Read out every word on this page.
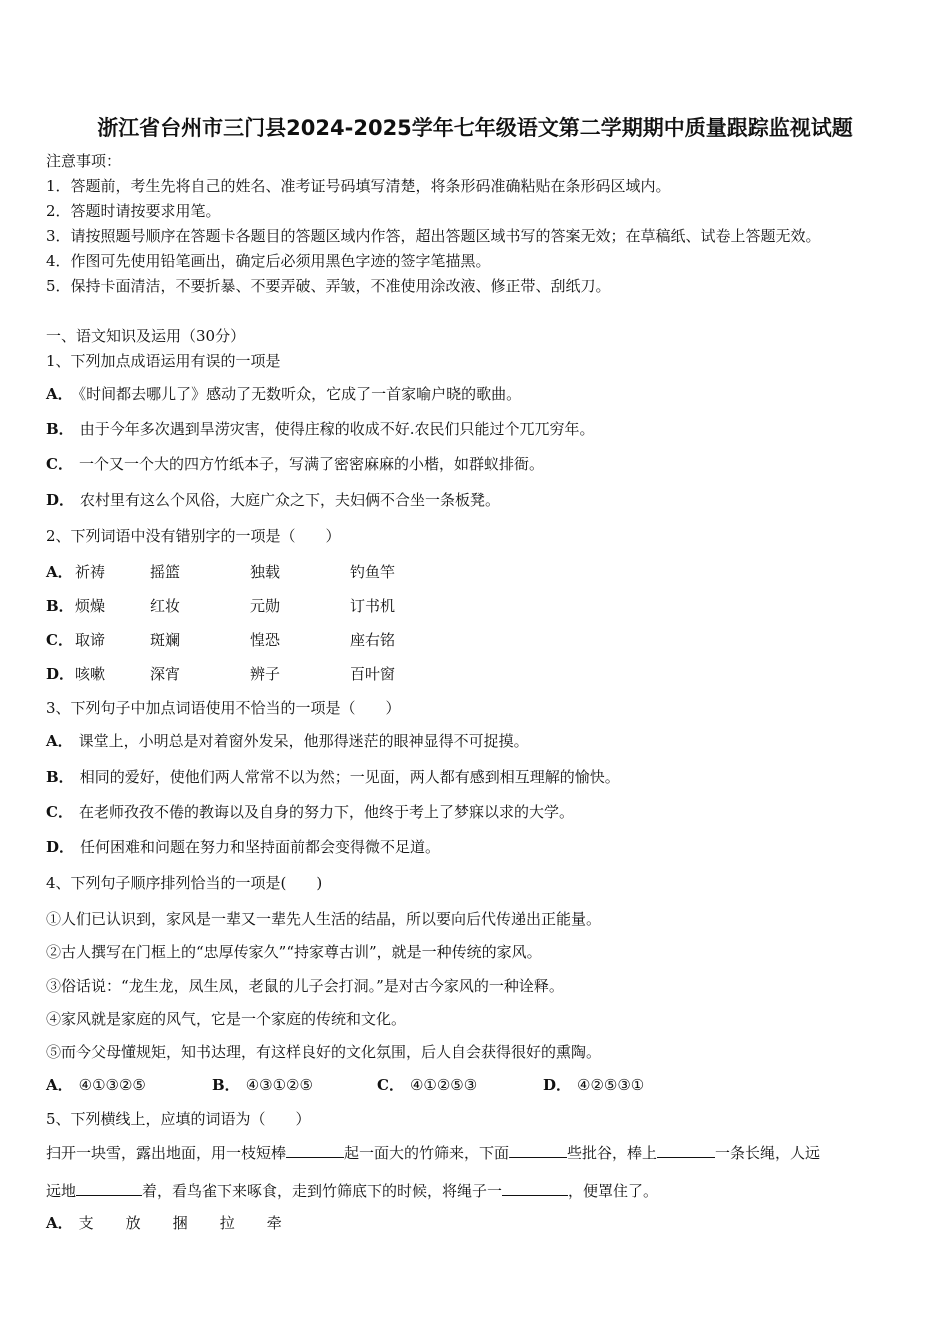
浙江省台州市三门县2024-2025学年七年级语文第二学期期中质量跟踪监视试题
注意事项：
1．答题前，考生先将自己的姓名、准考证号码填写清楚，将条形码准确粘贴在条形码区域内。
2．答题时请按要求用笔。
3．请按照题号顺序在答题卡各题目的答题区域内作答，超出答题区域书写的答案无效；在草稿纸、试卷上答题无效。
4．作图可先使用铅笔画出，确定后必须用黑色字迹的签字笔描黑。
5．保持卡面清洁，不要折暴、不要弄破、弄皱，不准使用涂改液、修正带、刮纸刀。
一、语文知识及运用（30分）
1、下列加点成语运用有误的一项是
A． 《时间都去哪儿了》感动了无数听众，它成了一首家喻户晓的歌曲。
B． 由于今年多次遇到旱涝灾害，使得庄稼的收成不好.农民们只能过个兀兀穷年。
C． 一个又一个大的四方竹纸本子，写满了密密麻麻的小楷，如群蚁排衙。
D． 农村里有这么个风俗，大庭广众之下，夫妇俩不合坐一条板凳。
2、下列词语中没有错别字的一项是（　　）
A． 祈祷	摇篮	独载	钓鱼竿
B． 烦燥	红妆	元勋	订书机
C． 取谛	斑斓	惶恐	座右铭
D． 咳嗽	深宵	辨子	百叶窗
3、下列句子中加点词语使用不恰当的一项是（　　）
A． 课堂上，小明总是对着窗外发呆，他那得迷茫的眼神显得不可捉摸。
B． 相同的爱好，使他们两人常常不以为然；一见面，两人都有感到相互理解的愉快。
C． 在老师孜孜不倦的教诲以及自身的努力下，他终于考上了梦寐以求的大学。
D． 任何困难和问题在努力和坚持面前都会变得微不足道。
4、下列句子顺序排列恰当的一项是(　　)
①人们已认识到，家风是一辈又一辈先人生活的结晶，所以要向后代传递出正能量。
②古人撰写在门框上的“忠厚传家久”“持家尊古训”，就是一种传统的家风。
③俗话说：“龙生龙，凤生凤，老鼠的儿子会打洞。”是对古今家风的一种诠释。
④家风就是家庭的风气，它是一个家庭的传统和文化。
⑤而今父母懂规矩，知书达理，有这样良好的文化氛围，后人自会获得很好的熏陶。
A． ④①③②⑤	B． ④③①②⑤	C． ④①②⑤③	D． ④②⑤③①
5、下列横线上，应填的词语为（　　）
扫开一块雪，露出地面，用一枝短棒	起一面大的竹筛来，下面	些批谷，棒上	一条长绳，人远
远地	着，看鸟雀下来啄食，走到竹筛底下的时候，将绳子一	，便罩住了。
A． 支 放 捆 拉 牵
